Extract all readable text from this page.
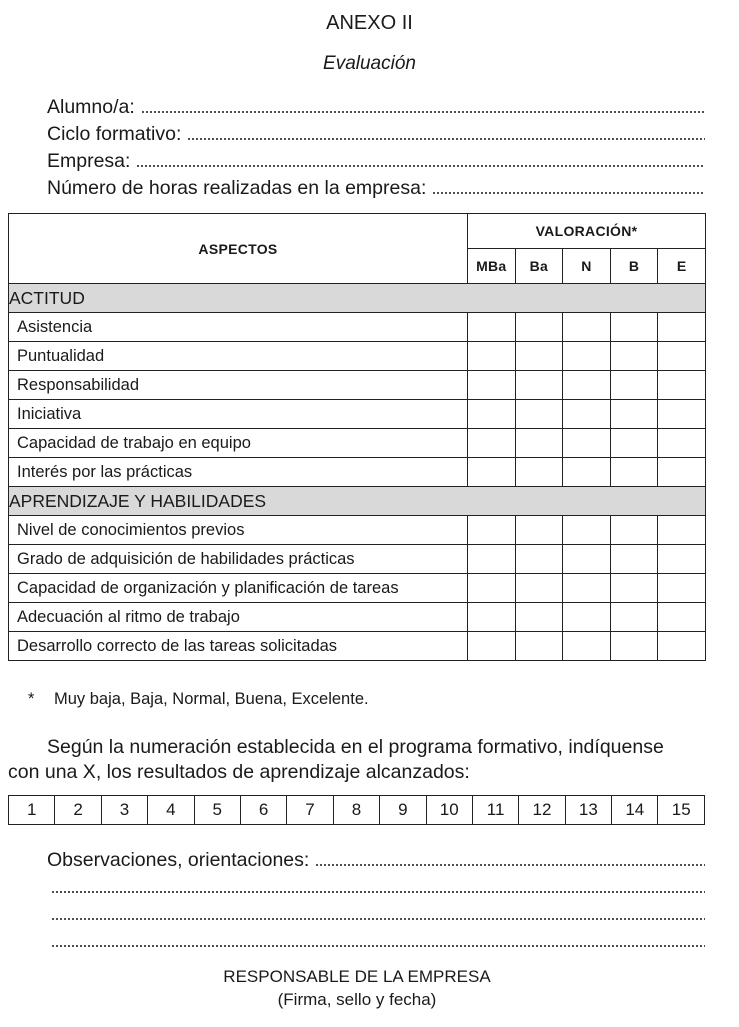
ANEXO II
Evaluación
Alumno/a:
Ciclo formativo:
Empresa:
Número de horas realizadas en la empresa:
ASPECTOS	VALORACIÓN*				
	MBa	Ba	N	B	E
ACTITUD					
Asistencia					
Puntualidad					
Responsabilidad					
Iniciativa					
Capacidad de trabajo en equipo					
Interés por las prácticas					
APRENDIZAJE Y HABILIDADES					
Nivel de conocimientos previos					
Grado de adquisición de habilidades prácticas					
Capacidad de organización y planificación de tareas					
Adecuación al ritmo de trabajo					
Desarrollo correcto de las tareas solicitadas					
* Muy baja, Baja, Normal, Buena, Excelente.
Según la numeración establecida en el programa formativo, indíquense
con una X, los resultados de aprendizaje alcanzados:
1	2	3	4	5	6	7	8	9	10	11	12	13	14	15
Observaciones, orientaciones:
RESPONSABLE DE LA EMPRESA
(Firma, sello y fecha)
